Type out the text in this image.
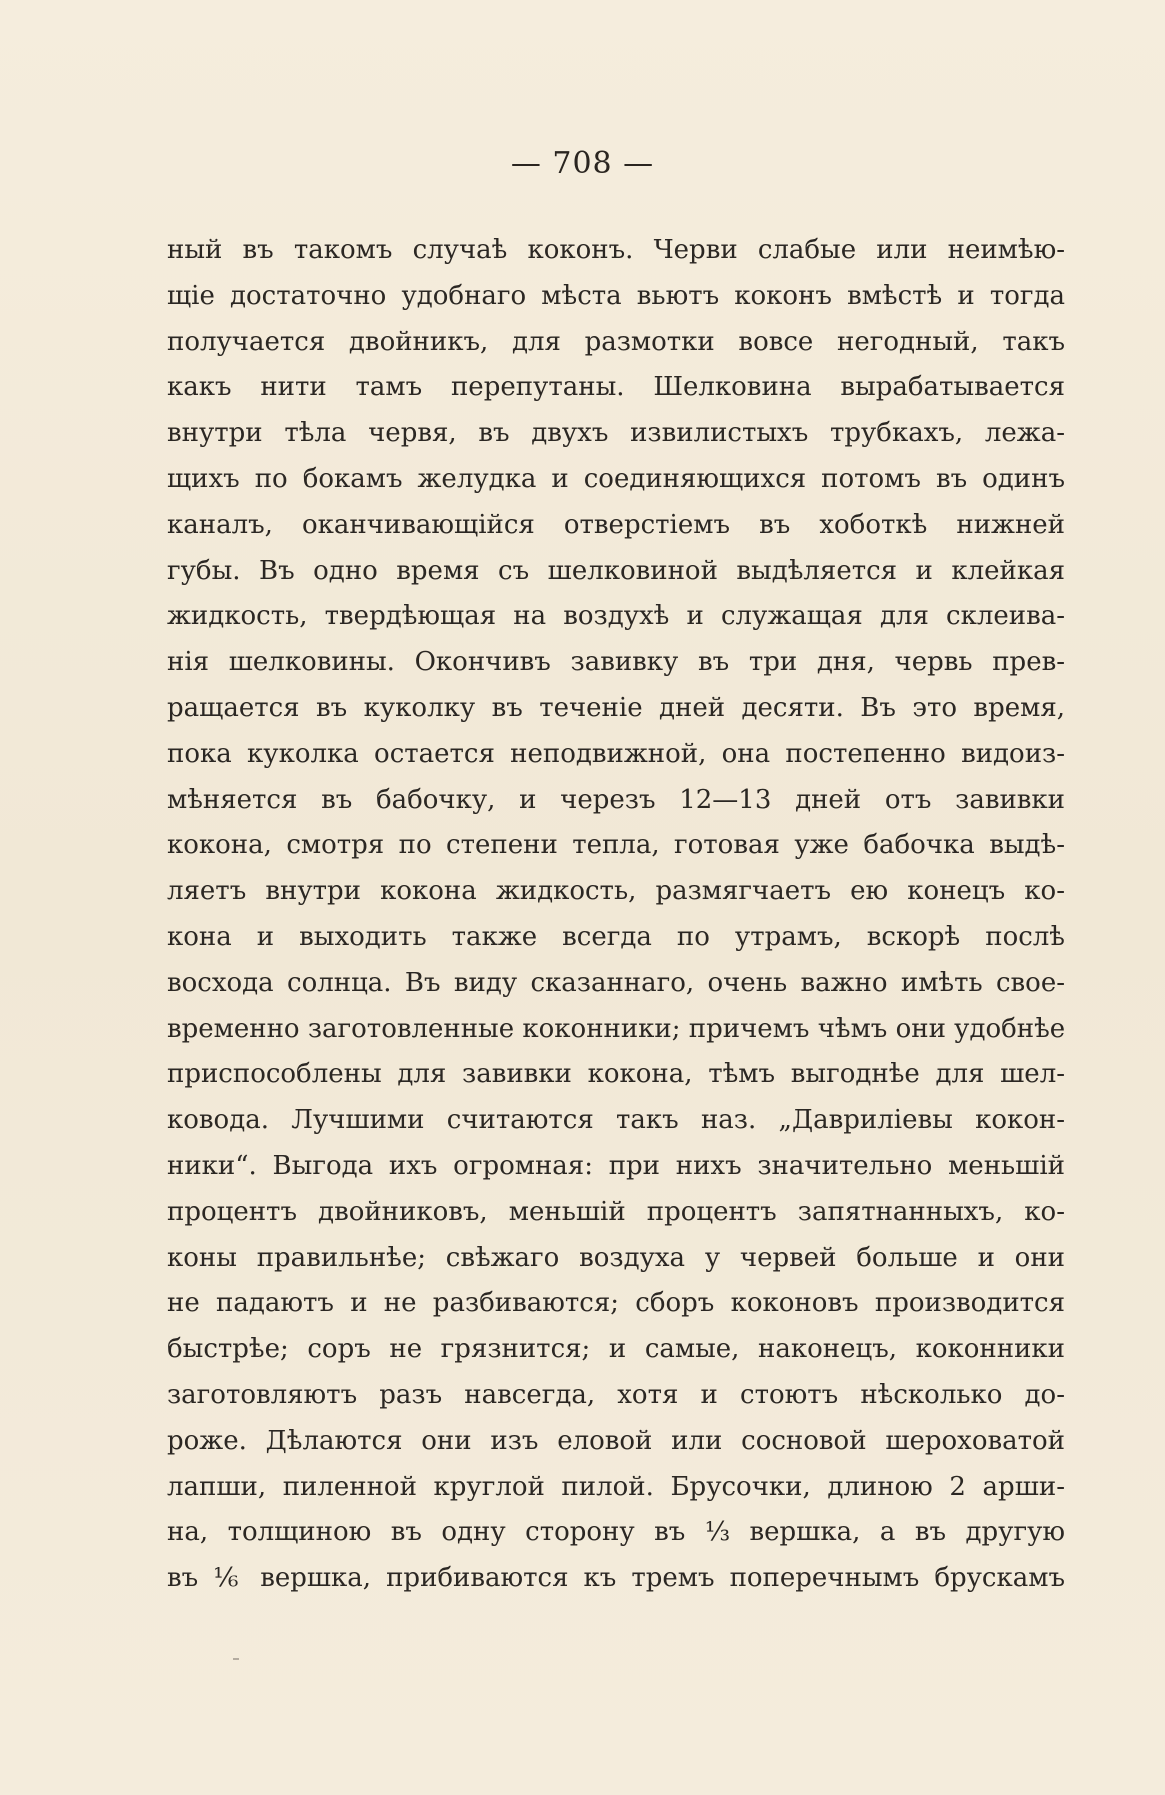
— 708 —
ный въ такомъ случаѣ коконъ. Черви слабые или неимѣю-
щіе достаточно удобнаго мѣста вьютъ коконъ вмѣстѣ и тогда
получается двойникъ, для размотки вовсе негодный, такъ
какъ нити тамъ перепутаны. Шелковина вырабатывается
внутри тѣла червя, въ двухъ извилистыхъ трубкахъ, лежа-
щихъ по бокамъ желудка и соединяющихся потомъ въ одинъ
каналъ, оканчивающійся отверстіемъ въ хоботкѣ нижней
губы. Въ одно время съ шелковиной выдѣляется и клейкая
жидкость, твердѣющая на воздухѣ и служащая для склеива-
нія шелковины. Окончивъ завивку въ три дня, червь прев-
ращается въ куколку въ теченіе дней десяти. Въ это время,
пока куколка остается неподвижной, она постепенно видоиз-
мѣняется въ бабочку, и черезъ 12—13 дней отъ завивки
кокона, смотря по степени тепла, готовая уже бабочка выдѣ-
ляетъ внутри кокона жидкость, размягчаетъ ею конецъ ко-
кона и выходить также всегда по утрамъ, вскорѣ послѣ
восхода солнца. Въ виду сказаннаго, очень важно имѣть свое-
временно заготовленные коконники; причемъ чѣмъ они удобнѣе
приспособлены для завивки кокона, тѣмъ выгоднѣе для шел-
ковода. Лучшими считаются такъ наз. „Давриліевы кокон-
ники“. Выгода ихъ огромная: при нихъ значительно меньшій
процентъ двойниковъ, меньшій процентъ запятнанныхъ, ко-
коны правильнѣе; свѣжаго воздуха у червей больше и они
не падаютъ и не разбиваются; сборъ коконовъ производится
быстрѣе; соръ не грязнится; и самые, наконецъ, коконники
заготовляютъ разъ навсегда, хотя и стоютъ нѣсколько до-
роже. Дѣлаются они изъ еловой или сосновой шероховатой
лапши, пиленной круглой пилой. Брусочки, длиною 2 арши-
на, толщиною въ одну сторону въ ⅓ вершка, а въ другую
въ ⅙ вершка, прибиваются къ тремъ поперечнымъ брускамъ
